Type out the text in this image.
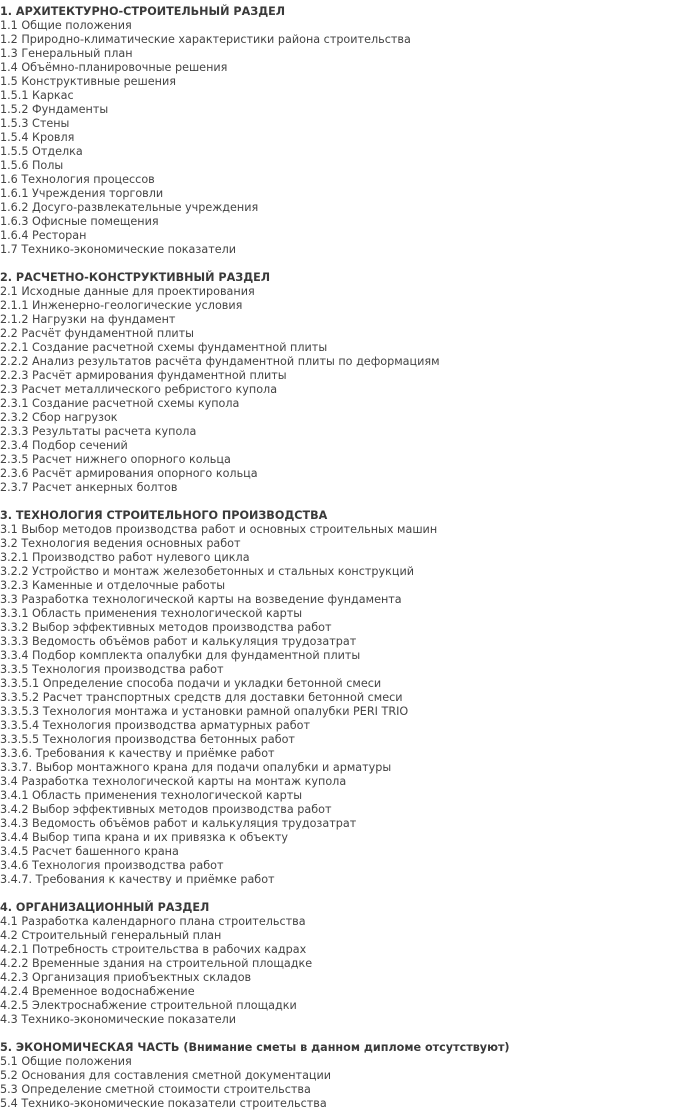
1. АРХИТЕКТУРНО-СТРОИТЕЛЬНЫЙ РАЗДЕЛ
1.1 Общие положения
1.2 Природно-климатические характеристики района строительства
1.3 Генеральный план
1.4 Объёмно-планировочные решения
1.5 Конструктивные решения
1.5.1 Каркас
1.5.2 Фундаменты
1.5.3 Стены
1.5.4 Кровля
1.5.5 Отделка
1.5.6 Полы
1.6 Технология процессов
1.6.1 Учреждения торговли
1.6.2 Досуго-развлекательные учреждения
1.6.3 Офисные помещения
1.6.4 Ресторан
1.7 Технико-экономические показатели
2. РАСЧЕТНО-КОНСТРУКТИВНЫЙ РАЗДЕЛ
2.1 Исходные данные для проектирования
2.1.1 Инженерно-геологические условия
2.1.2 Нагрузки на фундамент
2.2 Расчёт фундаментной плиты
2.2.1 Создание расчетной схемы фундаментной плиты
2.2.2 Анализ результатов расчёта фундаментной плиты по деформациям
2.2.3 Расчёт армирования фундаментной плиты
2.3 Расчет металлического ребристого купола
2.3.1 Создание расчетной схемы купола
2.3.2 Сбор нагрузок
2.3.3 Результаты расчета купола
2.3.4 Подбор сечений
2.3.5 Расчет нижнего опорного кольца
2.3.6 Расчёт армирования опорного кольца
2.3.7 Расчет анкерных болтов
3. ТЕХНОЛОГИЯ СТРОИТЕЛЬНОГО ПРОИЗВОДСТВА
3.1 Выбор методов производства работ и основных строительных машин
3.2 Технология ведения основных работ
3.2.1 Производство работ нулевого цикла
3.2.2 Устройство и монтаж железобетонных и стальных конструкций
3.2.3 Каменные и отделочные работы
3.3 Разработка технологической карты на возведение фундамента
3.3.1 Область применения технологической карты
3.3.2 Выбор эффективных методов производства работ
3.3.3 Ведомость объёмов работ и калькуляция трудозатрат
3.3.4 Подбор комплекта опалубки для фундаментной плиты
3.3.5 Технология производства работ
3.3.5.1 Определение способа подачи и укладки бетонной смеси
3.3.5.2 Расчет транспортных средств для доставки бетонной смеси
3.3.5.3 Технология монтажа и установки рамной опалубки PERI TRIO
3.3.5.4 Технология производства арматурных работ
3.3.5.5 Технология производства бетонных работ
3.3.6. Требования к качеству и приёмке работ
3.3.7. Выбор монтажного крана для подачи опалубки и арматуры
3.4 Разработка технологической карты на монтаж купола
3.4.1 Область применения технологической карты
3.4.2 Выбор эффективных методов производства работ
3.4.3 Ведомость объёмов работ и калькуляция трудозатрат
3.4.4 Выбор типа крана и их привязка к объекту
3.4.5 Расчет башенного крана
3.4.6 Технология производства работ
3.4.7. Требования к качеству и приёмке работ
4. ОРГАНИЗАЦИОННЫЙ РАЗДЕЛ
4.1 Разработка календарного плана строительства
4.2 Строительный генеральный план
4.2.1 Потребность строительства в рабочих кадрах
4.2.2 Временные здания на строительной площадке
4.2.3 Организация приобъектных складов
4.2.4 Временное водоснабжение
4.2.5 Электроснабжение строительной площадки
4.3 Технико-экономические показатели
5. ЭКОНОМИЧЕСКАЯ ЧАСТЬ (Внимание сметы в данном дипломе отсутствуют)
5.1 Общие положения
5.2 Основания для составления сметной документации
5.3 Определение сметной стоимости строительства
5.4 Технико-экономические показатели строительства
